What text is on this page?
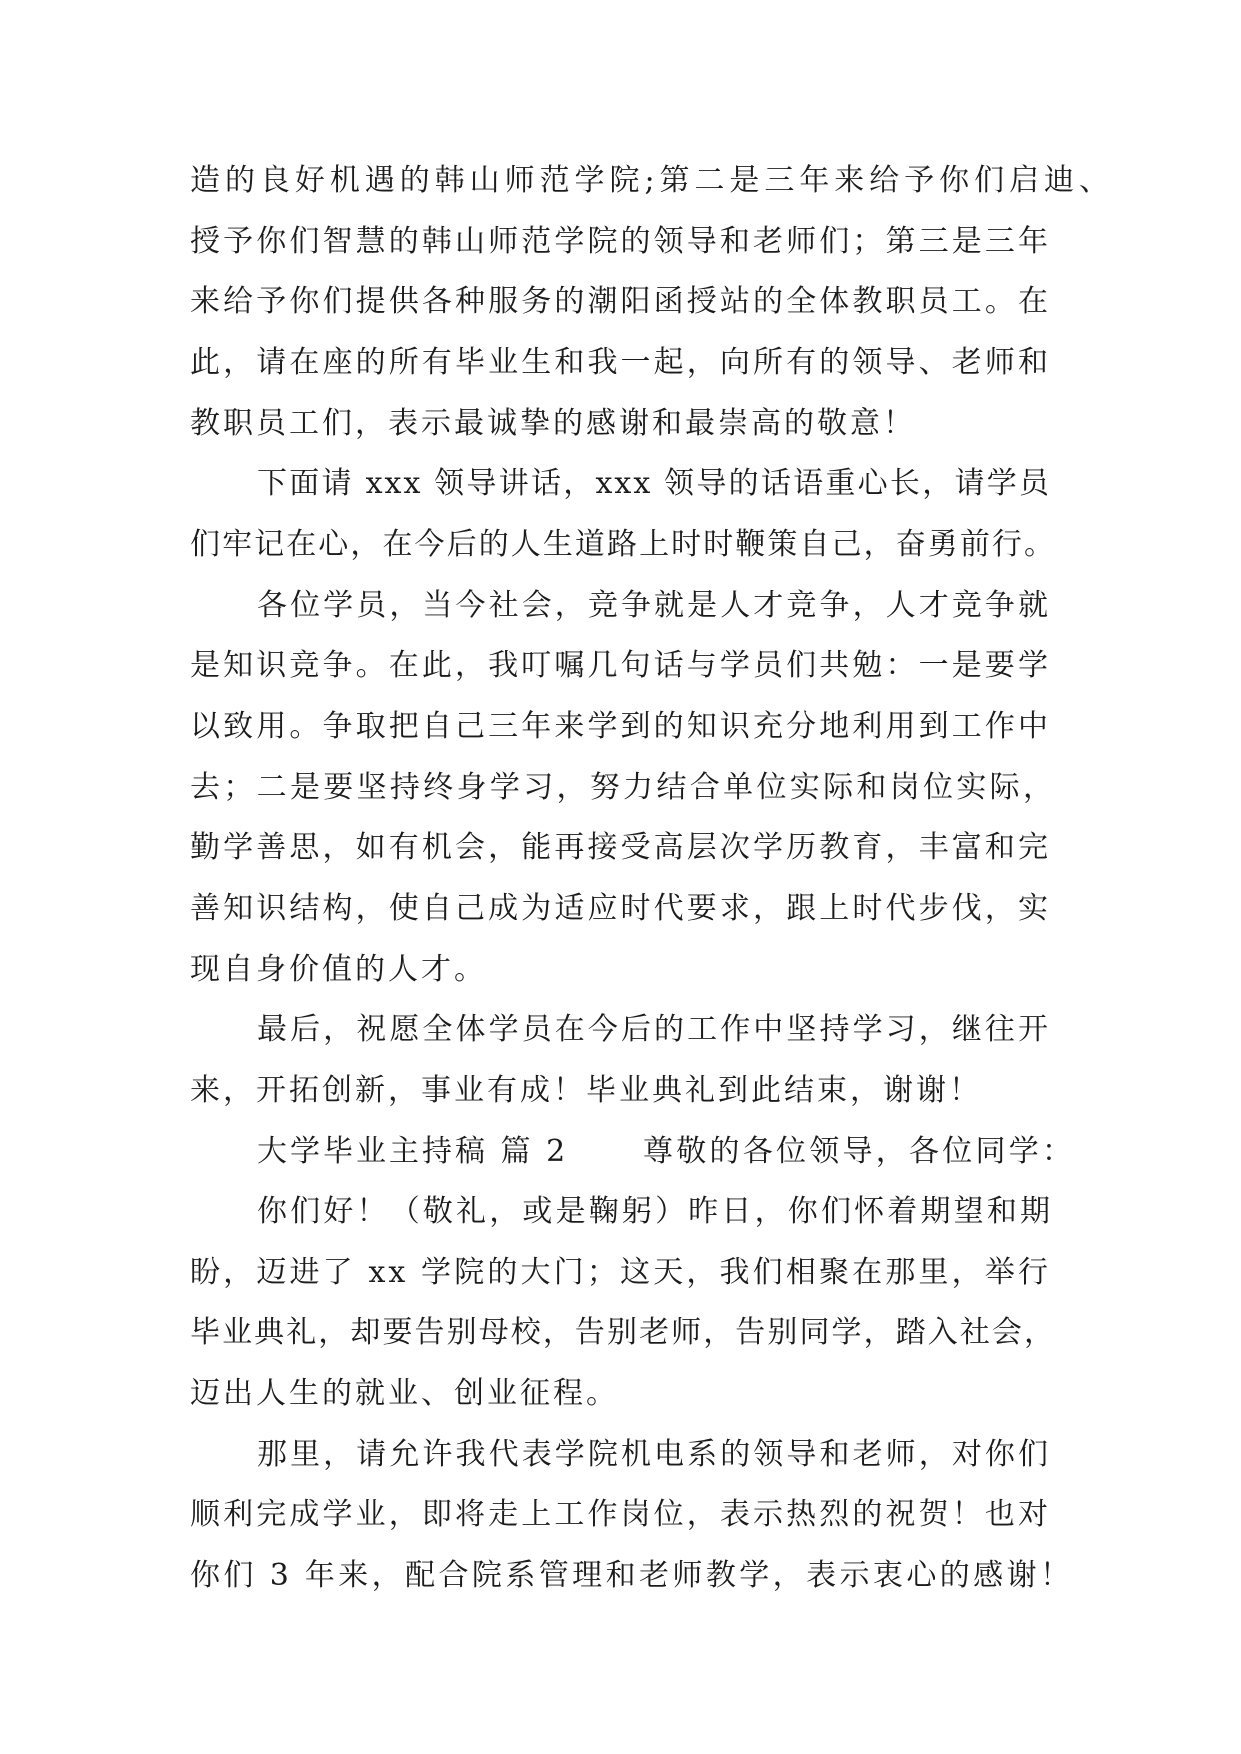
造的良好机遇的韩山师范学院;第二是三年来给予你们启迪、
授予你们智慧的韩山师范学院的领导和老师们；第三是三年
来给予你们提供各种服务的潮阳函授站的全体教职员工。在
此，请在座的所有毕业生和我一起，向所有的领导、老师和
教职员工们，表示最诚挚的感谢和最崇高的敬意！
下面请 xxx 领导讲话，xxx 领导的话语重心长，请学员
们牢记在心，在今后的人生道路上时时鞭策自己，奋勇前行。
各位学员，当今社会，竞争就是人才竞争，人才竞争就
是知识竞争。在此，我叮嘱几句话与学员们共勉：一是要学
以致用。争取把自己三年来学到的知识充分地利用到工作中
去；二是要坚持终身学习，努力结合单位实际和岗位实际，
勤学善思，如有机会，能再接受高层次学历教育，丰富和完
善知识结构，使自己成为适应时代要求，跟上时代步伐，实
现自身价值的人才。
最后，祝愿全体学员在今后的工作中坚持学习，继往开
来，开拓创新，事业有成！毕业典礼到此结束，谢谢！
大学毕业主持稿 篇 2 尊敬的各位领导，各位同学：
你们好！（敬礼，或是鞠躬）昨日，你们怀着期望和期
盼，迈进了 xx 学院的大门；这天，我们相聚在那里，举行
毕业典礼，却要告别母校，告别老师，告别同学，踏入社会，
迈出人生的就业、创业征程。
那里，请允许我代表学院机电系的领导和老师，对你们
顺利完成学业，即将走上工作岗位，表示热烈的祝贺！也对
你们 3 年来，配合院系管理和老师教学，表示衷心的感谢！
